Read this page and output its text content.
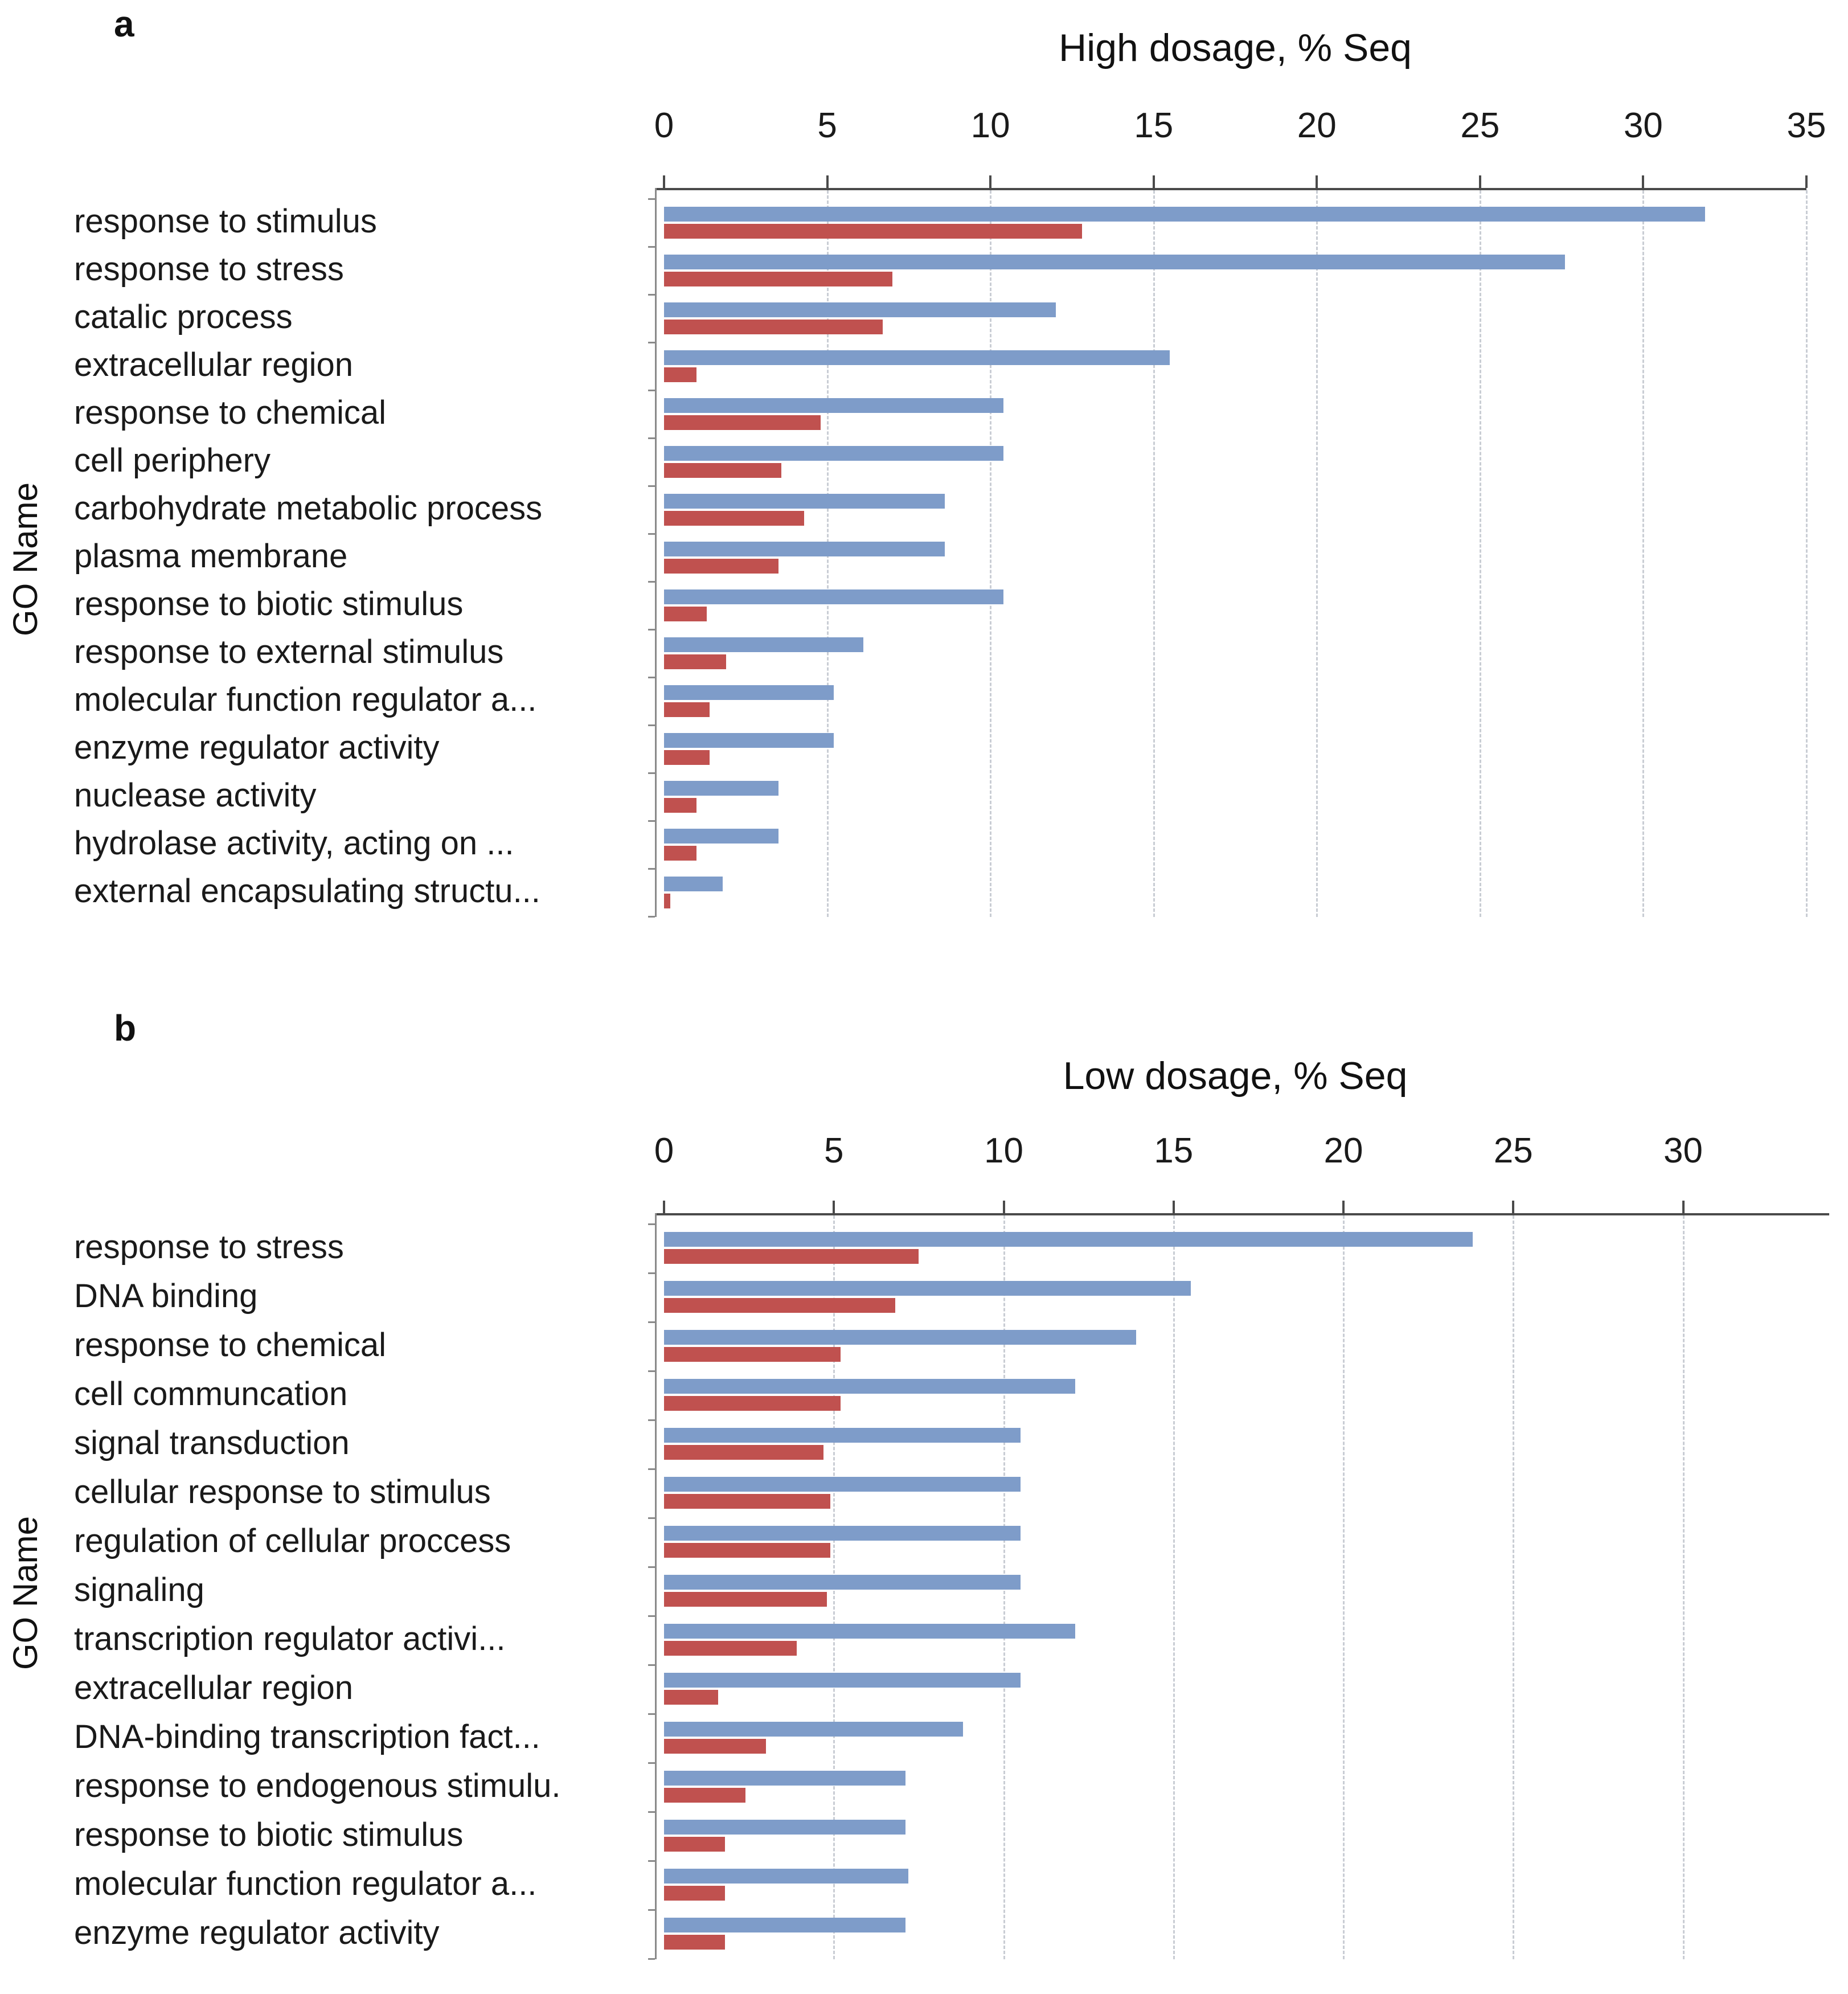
a
b
High dosage, % Seq
Low dosage, % Seq
GO Name
GO Name
0	5	10	15	20	25	30	35
response to stimulus
response to stress
catalic process
extracellular region
response to chemical
cell periphery
carbohydrate metabolic process
plasma membrane
response to biotic stimulus
response to external stimulus
molecular function regulator a...
enzyme regulator activity
nuclease activity
hydrolase activity, acting on ...
external encapsulating structu...
0	5	10	15	20	25	30
response to stress
DNA binding
response to chemical
cell communcation
signal transduction
cellular response to stimulus
regulation of cellular proccess
signaling
transcription regulator activi...
extracellular region
DNA-binding transcription fact...
response to endogenous stimulu.
response to biotic stimulus
molecular function regulator a...
enzyme regulator activity
